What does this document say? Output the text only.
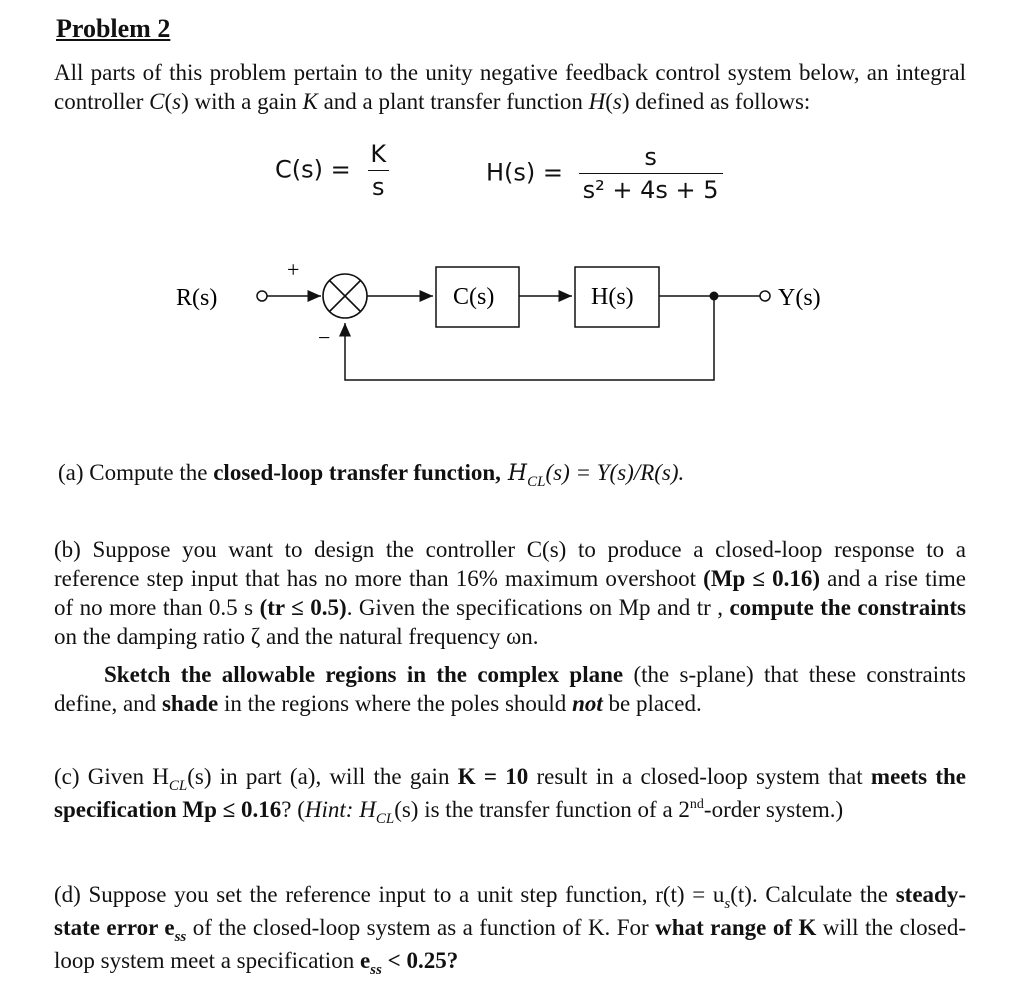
Problem 2
All parts of this problem pertain to the unity negative feedback control system below, an integral controller C(s) with a gain K and a plant transfer function H(s) defined as follows:
$C(s) = \frac{K}{s}$	$H(s) = \frac{s}{\text{s² + 4s + 5}}$
R(s)
+
−
C(s)	H(s)	Y(s)
(a) Compute the closed-loop transfer function, $H_{CL}(s) = Y(s)/R(s)$.
(b) Suppose you want to design the controller C(s) to produce a closed-loop response to a reference step input that has no more than 16% maximum overshoot (Mp ≤ 0.16) and a rise time of no more than 0.5 s (tr ≤ 0.5). Given the specifications on Mp and tr , compute the constraints on the damping ratio ζ and the natural frequency ωn.
Sketch the allowable regions in the complex plane (the s-plane) that these constraints define, and shade in the regions where the poles should not be placed.
(c) Given $H_{CL}(s)$ in part (a), will the gain K = 10 result in a closed-loop system that meets the specification Mp ≤ 0.16? (Hint: $H_{CL}(s)$ is the transfer function of a 2nd-order system.)
(d) Suppose you set the reference input to a unit step function, $r(t) = u_s(t)$. Calculate the steady-state error $e_{ss}$ of the closed-loop system as a function of K. For what range of K will the closed-loop system meet a specification $e_{ss} < 0.25$?
